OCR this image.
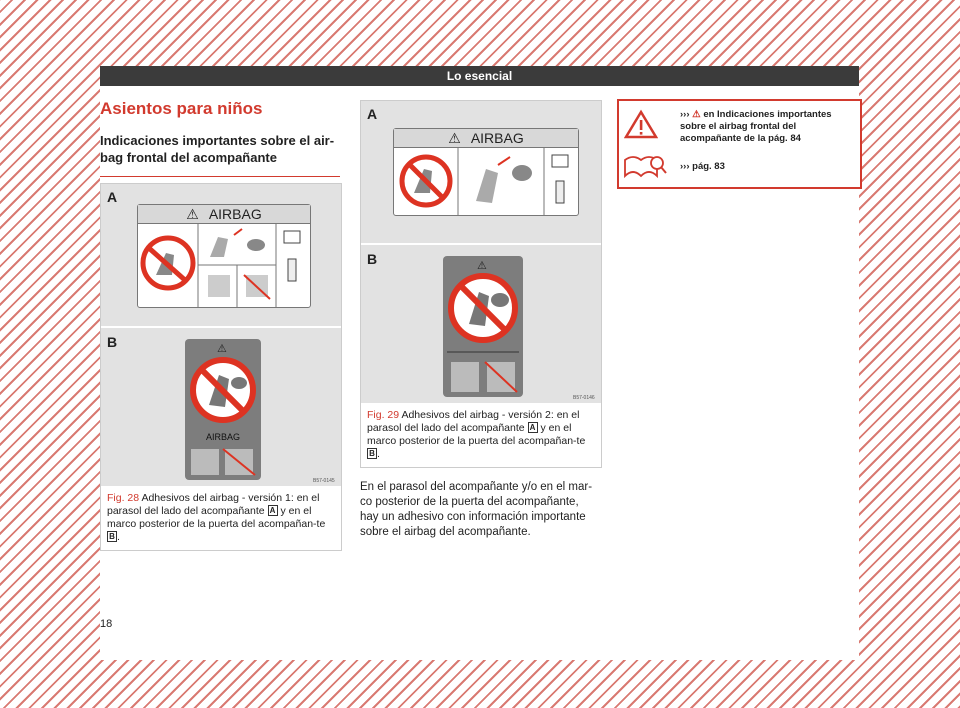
Lo esencial
Asientos para niños
Indicaciones importantes sobre el air-bag frontal del acompañante
A
⚠ AIRBAG
B	⚠
AIRBAG
B57-0145
Fig. 28 Adhesivos del airbag - versión 1: en el parasol del lado del acompañante A y en el marco posterior de la puerta del acompañan-te B .
A
⚠ AIRBAG
B	⚠
B57-0146
Fig. 29 Adhesivos del airbag - versión 2: en el parasol del lado del acompañante A y en el marco posterior de la puerta del acompañan-te B .
En el parasol del acompañante y/o en el mar-co posterior de la puerta del acompañante, hay un adhesivo con información importante sobre el airbag del acompañante.
››› ⚠ en Indicaciones importantes sobre el airbag frontal del acompañante de la pág. 84
››› pág. 83
18
